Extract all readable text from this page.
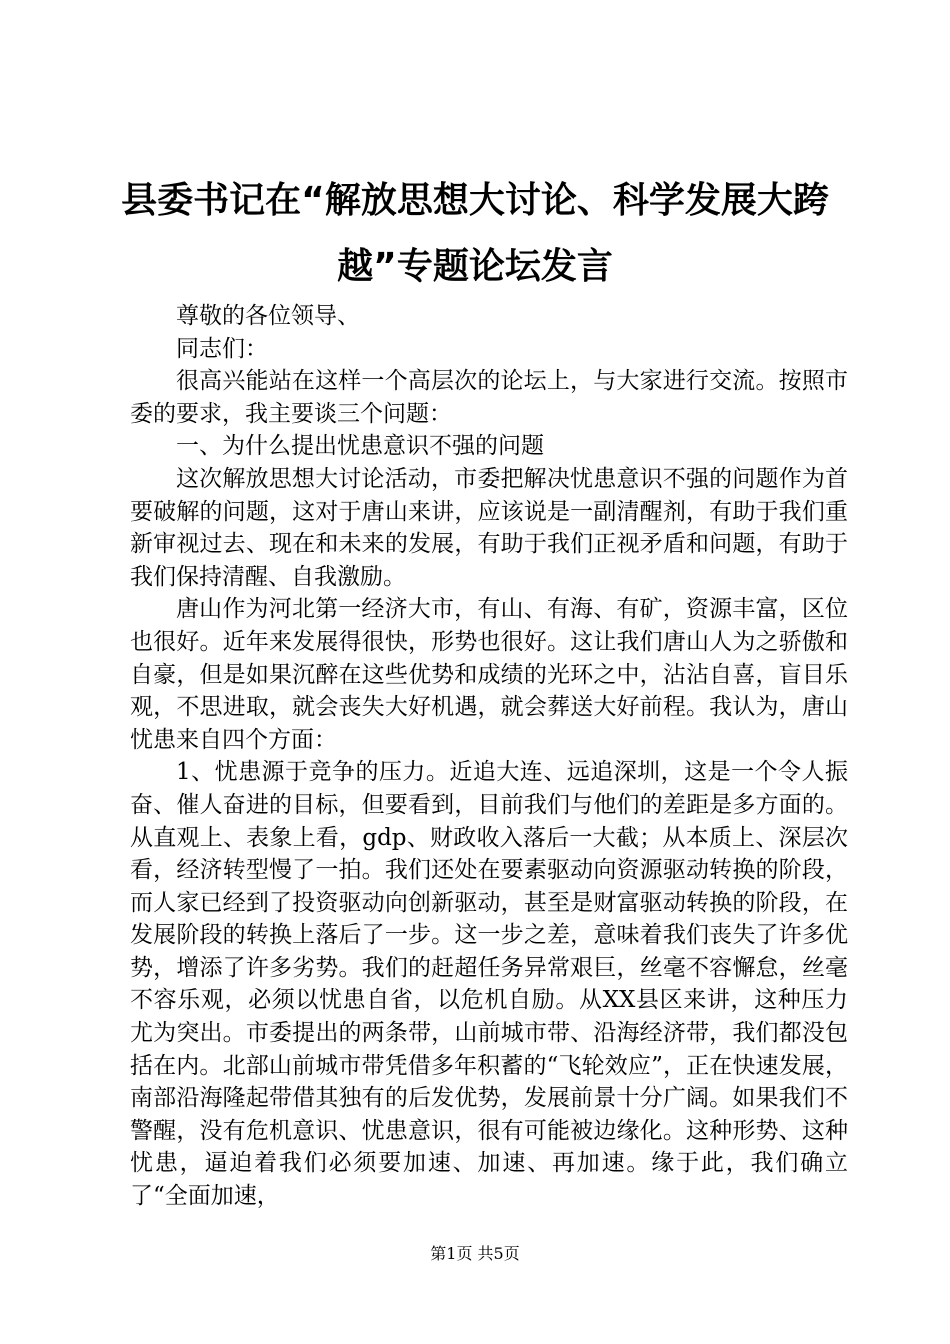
县委书记在“解放思想大讨论、科学发展大跨越”专题论坛发言

尊敬的各位领导、

同志们：

很高兴能站在这样一个高层次的论坛上，与大家进行交流。按照市委的要求，我主要谈三个问题：

一、为什么提出忧患意识不强的问题

这次解放思想大讨论活动，市委把解决忧患意识不强的问题作为首要破解的问题，这对于唐山来讲，应该说是一副清醒剂，有助于我们重新审视过去、现在和未来的发展，有助于我们正视矛盾和问题，有助于我们保持清醒、自我激励。

唐山作为河北第一经济大市，有山、有海、有矿，资源丰富，区位也很好。近年来发展得很快，形势也很好。这让我们唐山人为之骄傲和自豪，但是如果沉醉在这些优势和成绩的光环之中，沾沾自喜，盲目乐观，不思进取，就会丧失大好机遇，就会葬送大好前程。我认为，唐山忧患来自四个方面：

1、忧患源于竞争的压力。近追大连、远追深圳，这是一个令人振奋、催人奋进的目标，但要看到，目前我们与他们的差距是多方面的。从直观上、表象上看，gdp、财政收入落后一大截；从本质上、深层次看，经济转型慢了一拍。我们还处在要素驱动向资源驱动转换的阶段，而人家已经到了投资驱动向创新驱动，甚至是财富驱动转换的阶段，在发展阶段的转换上落后了一步。这一步之差，意味着我们丧失了许多优势，增添了许多劣势。我们的赶超任务异常艰巨，丝毫不容懈怠，丝毫不容乐观，必须以忧患自省，以危机自励。从XX县区来讲，这种压力尤为突出。市委提出的两条带，山前城市带、沿海经济带，我们都没包括在内。北部山前城市带凭借多年积蓄的“飞轮效应”，正在快速发展，南部沿海隆起带借其独有的后发优势，发展前景十分广阔。如果我们不警醒，没有危机意识、忧患意识，很有可能被边缘化。这种形势、这种忧患，逼迫着我们必须要加速、加速、再加速。缘于此，我们确立了“全面加速，

第1页 共5页
